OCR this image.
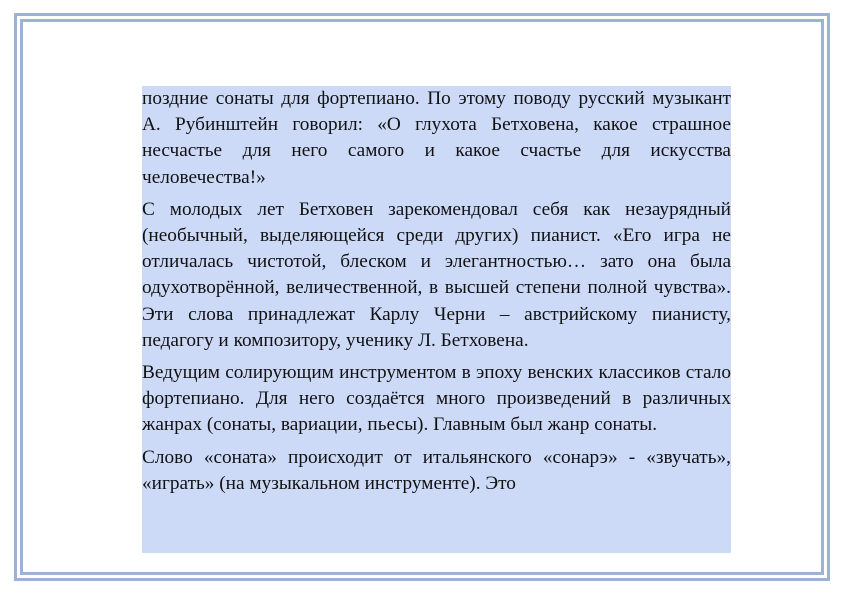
поздние сонаты для фортепиано. По этому поводу русский музыкант А. Рубинштейн говорил: «О глухота Бетховена, какое страшное несчастье для него самого и какое счастье для искусства человечества!»

С молодых лет Бетховен зарекомендовал себя как незаурядный (необычный, выделяющейся среди других) пианист. «Его игра не отличалась чистотой, блеском и элегантностью… зато она была одухотворённой, величественной, в высшей степени полной чувства». Эти слова принадлежат Карлу Черни – австрийскому пианисту, педагогу и композитору, ученику Л. Бетховена.

Ведущим солирующим инструментом в эпоху венских классиков стало фортепиано. Для него создаётся много произведений в различных жанрах (сонаты, вариации, пьесы). Главным был жанр сонаты.

Слово «соната» происходит от итальянского «сонарэ» - «звучать», «играть» (на музыкальном инструменте). Это
